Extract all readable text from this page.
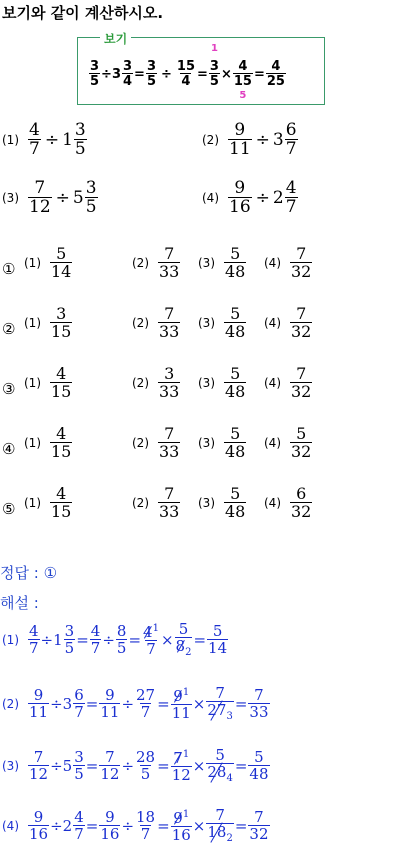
보기와 같이 계산하시오.
보기
$\frac{3}{5} \div 3 \frac{3}{4} = \frac{3}{5} \div \frac{15}{4}$ =
1
3
5 × 4
15
5
= $\frac{4}{25}$
$(1) \frac{4}{7} \div 1 \frac{3}{5}$	$(2) \frac{9}{11} \div 3 \frac{6}{7}$
$(3) \frac{7}{12} \div 5 \frac{3}{5}$	$(4) \frac{9}{16} \div 2 \frac{4}{7}$
① $(1) \frac{5}{14}$	$(2) \frac{7}{33} (3) \frac{5}{48} (4) \frac{7}{32}$
② $(1) \frac{3}{15}$	$(2) \frac{7}{33} (3) \frac{5}{48} (4) \frac{7}{32}$
③ $(1) \frac{4}{15}$	$(2) \frac{3}{33} (3) \frac{5}{48} (4) \frac{7}{32}$
④ $(1) \frac{4}{15}$	$(2) \frac{7}{33} (3) \frac{5}{48} (4) \frac{5}{32}$
⑤ $(1) \frac{4}{15}$	$(2) \frac{7}{33} (3) \frac{5}{48} (4) \frac{6}{32}$
정답 : ①
해설 :
$(1) \frac{4}{7} \div 1 \frac{3}{5} = \frac{4}{7} \div \frac{8}{5} = \frac{4^1}{7} \times \frac{5}{8_2} = \frac{5}{14}$
$(2) \frac{9}{11} \div 3 \frac{6}{7} = \frac{9}{11} \div \frac{27}{7} = \frac{9^1}{11} \times \frac{7}{27_3} = \frac{7}{33}$
$(3) \frac{7}{12} \div 5 \frac{3}{5} = \frac{7}{12} \div \frac{28}{5} = \frac{7^1}{12} \times \frac{5}{28_4} = \frac{5}{48}$
$(4) \frac{9}{16} \div 2 \frac{4}{7} = \frac{9}{16} \div \frac{18}{7} = \frac{9^1}{16} \times \frac{7}{18_2} = \frac{7}{32}$
